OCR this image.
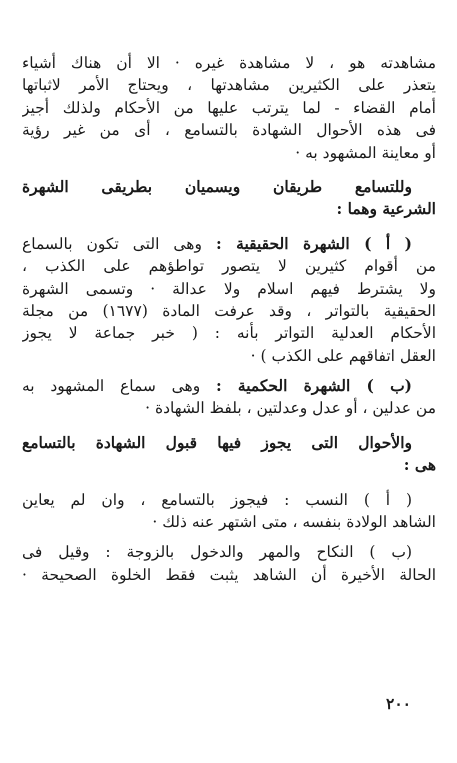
مشاهدته هو ، لا مشاهدة غيره · الا أن هناك أشياء
يتعذر على الكثيرين مشاهدتها ، ويحتاج الأمر لاثباتها
أمام القضاء - لما يترتب عليها من الأحكام ولذلك أجيز
فى هذه الأحوال الشهادة بالتسامع ، أى من غير رؤية
أو معاينة المشهود به ·
وللتسامع طريقان ويسميان بطريقى الشهرة
الشرعية وهما :
( أ ) الشهرة الحقيقية : وهى التى تكون بالسماع
من أقوام كثيرين لا يتصور تواطؤهم على الكذب ،
ولا يشترط فيهم اسلام ولا عدالة · وتسمى الشهرة
الحقيقية بالتواتر ، وقد عرفت المادة (١٦٧٧) من مجلة
الأحكام العدلية التواتر بأنه : ( خبر جماعة لا يجوز
العقل اتفاقهم على الكذب ) ·
(ب ) الشهرة الحكمية : وهى سماع المشهود به
من عدلين ، أو عدل وعدلتين ، بلفظ الشهادة ·
والأحوال التى يجوز فيها قبول الشهادة بالتسامع
هى :
( أ ) النسب : فيجوز بالتسامع ، وان لم يعاين
الشاهد الولادة بنفسه ، متى اشتهر عنه ذلك ·
(ب ) النكاح والمهر والدخول بالزوجة : وقيل فى
الحالة الأخيرة أن الشاهد يثبت فقط الخلوة الصحيحة ·
٢٠٠
